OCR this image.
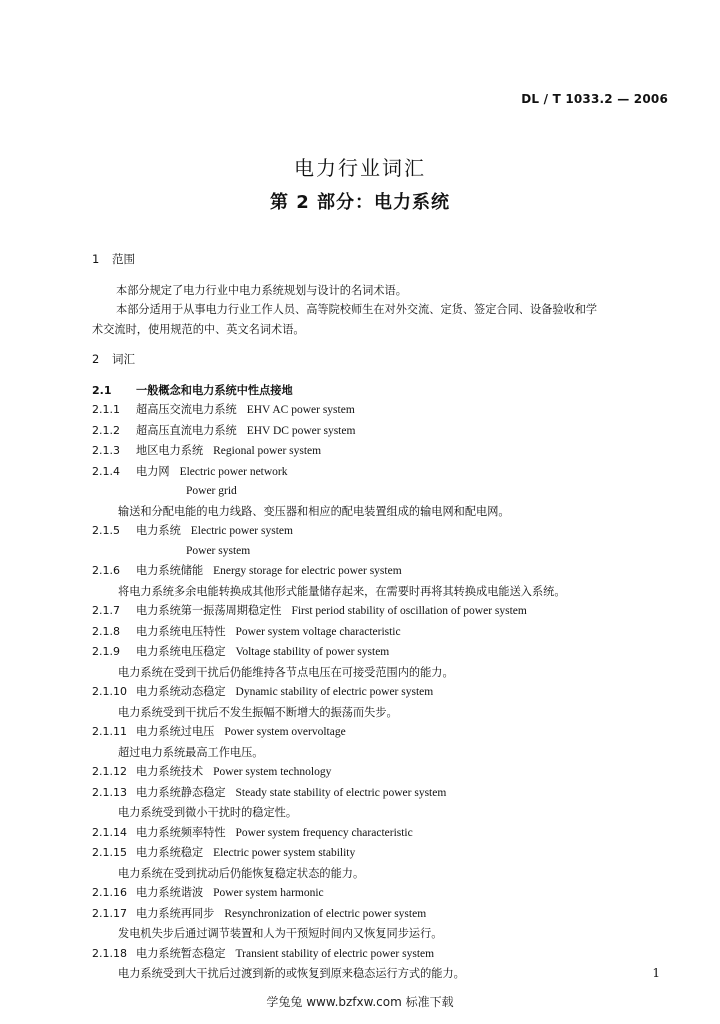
DL / T 1033.2 — 2006
电力行业词汇
第 2 部分：电力系统
1 范围
本部分规定了电力行业中电力系统规划与设计的名词术语。
本部分适用于从事电力行业工作人员、高等院校师生在对外交流、定货、签定合同、设备验收和学
术交流时，使用规范的中、英文名词术语。
2 词汇
2.1 一般概念和电力系统中性点接地
2.1.1 超高压交流电力系统 EHV AC power system
2.1.2 超高压直流电力系统 EHV DC power system
2.1.3 地区电力系统 Regional power system
2.1.4 电力网 Electric power network
Power grid
输送和分配电能的电力线路、变压器和相应的配电装置组成的输电网和配电网。
2.1.5 电力系统 Electric power system
Power system
2.1.6 电力系统储能 Energy storage for electric power system
将电力系统多余电能转换成其他形式能量储存起来，在需要时再将其转换成电能送入系统。
2.1.7 电力系统第一振荡周期稳定性 First period stability of oscillation of power system
2.1.8 电力系统电压特性 Power system voltage characteristic
2.1.9 电力系统电压稳定 Voltage stability of power system
电力系统在受到干扰后仍能维持各节点电压在可接受范围内的能力。
2.1.10 电力系统动态稳定 Dynamic stability of electric power system
电力系统受到干扰后不发生振幅不断增大的振荡而失步。
2.1.11 电力系统过电压 Power system overvoltage
超过电力系统最高工作电压。
2.1.12 电力系统技术 Power system technology
2.1.13 电力系统静态稳定 Steady state stability of electric power system
电力系统受到微小干扰时的稳定性。
2.1.14 电力系统频率特性 Power system frequency characteristic
2.1.15 电力系统稳定 Electric power system stability
电力系统在受到扰动后仍能恢复稳定状态的能力。
2.1.16 电力系统谐波 Power system harmonic
2.1.17 电力系统再同步 Resynchronization of electric power system
发电机失步后通过调节装置和人为干预短时间内又恢复同步运行。
2.1.18 电力系统暂态稳定 Transient stability of electric power system
电力系统受到大干扰后过渡到新的或恢复到原来稳态运行方式的能力。	1
学兔兔 www.bzfxw.com 标准下载
